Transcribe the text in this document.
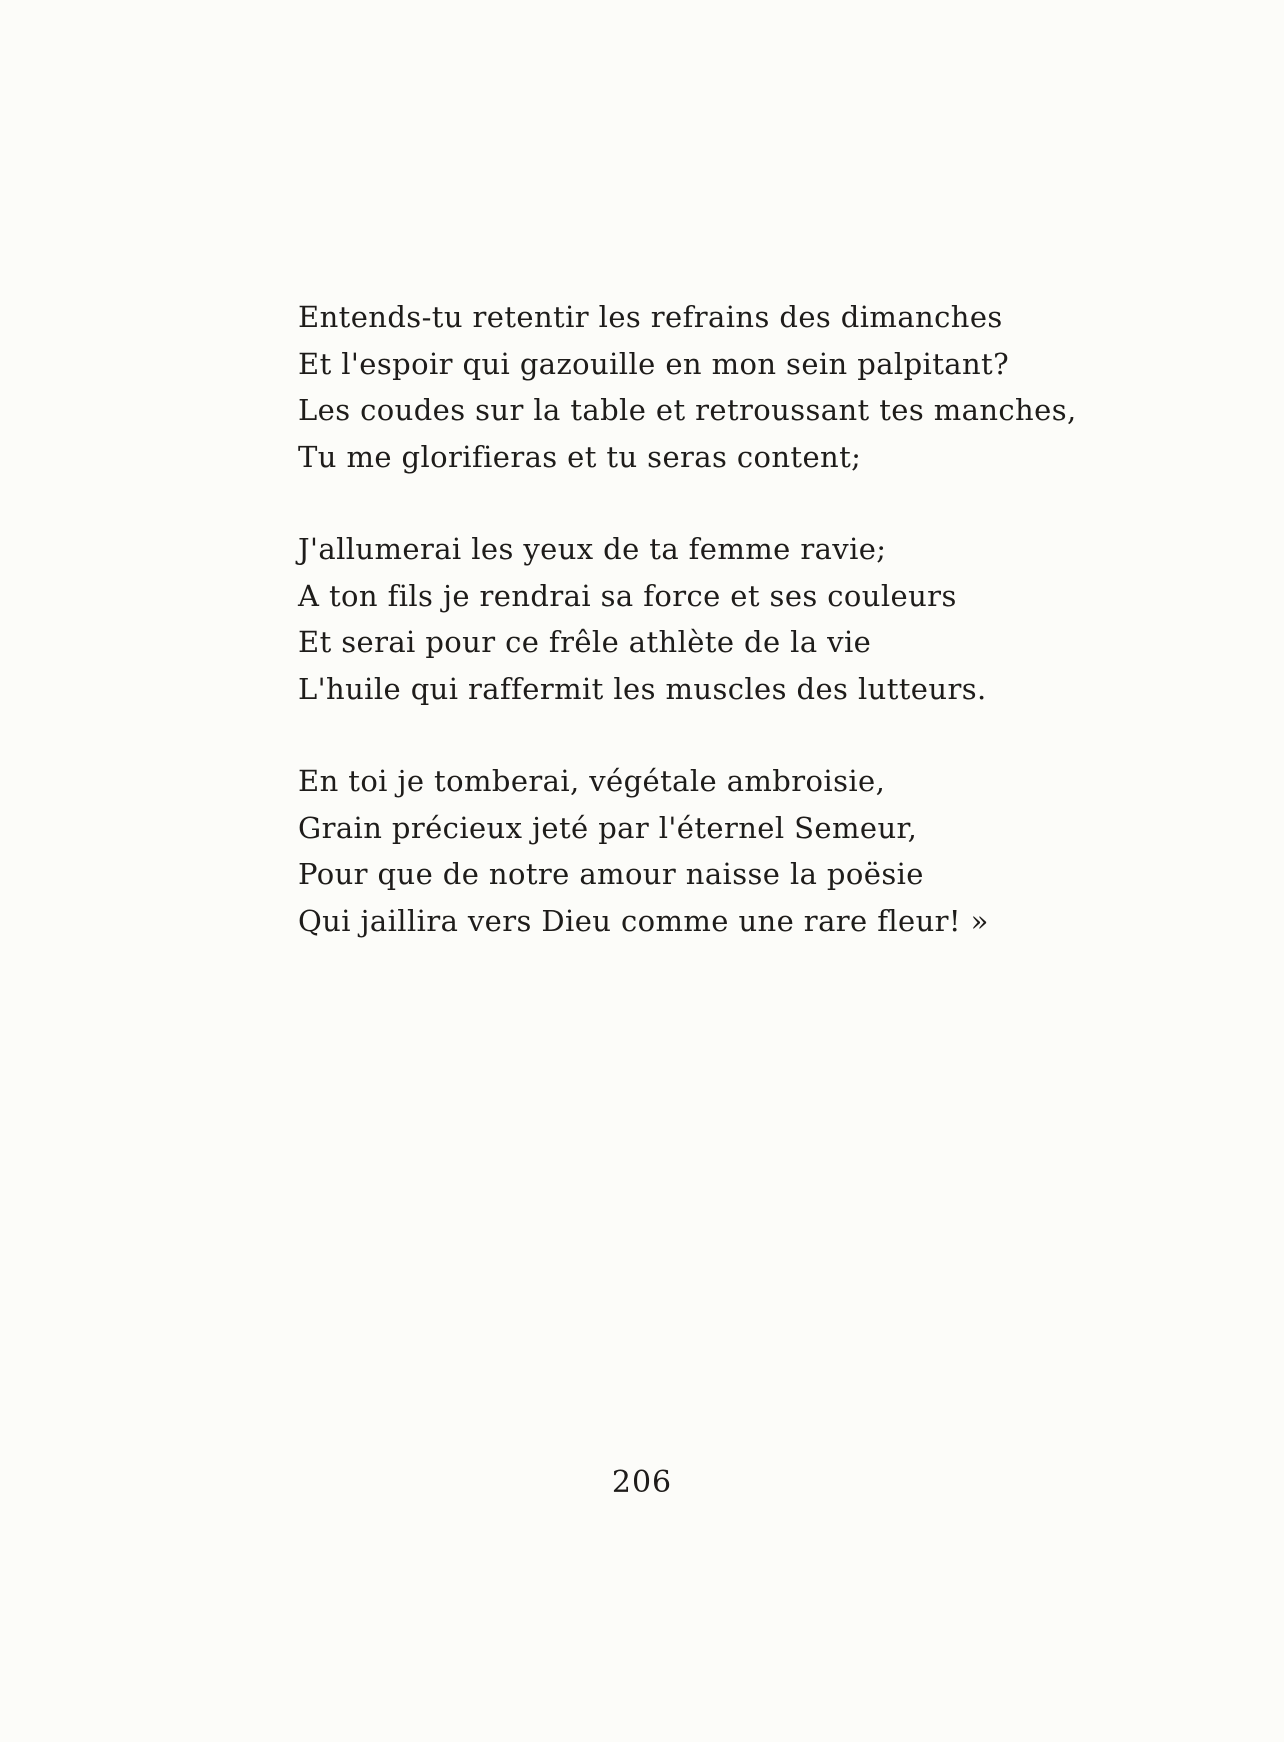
Entends-tu retentir les refrains des dimanches
Et l'espoir qui gazouille en mon sein palpitant?
Les coudes sur la table et retroussant tes manches,
Tu me glorifieras et tu seras content;
J'allumerai les yeux de ta femme ravie;
A ton fils je rendrai sa force et ses couleurs
Et serai pour ce frêle athlète de la vie
L'huile qui raffermit les muscles des lutteurs.
En toi je tomberai, végétale ambroisie,
Grain précieux jeté par l'éternel Semeur,
Pour que de notre amour naisse la poësie
Qui jaillira vers Dieu comme une rare fleur! »
206
